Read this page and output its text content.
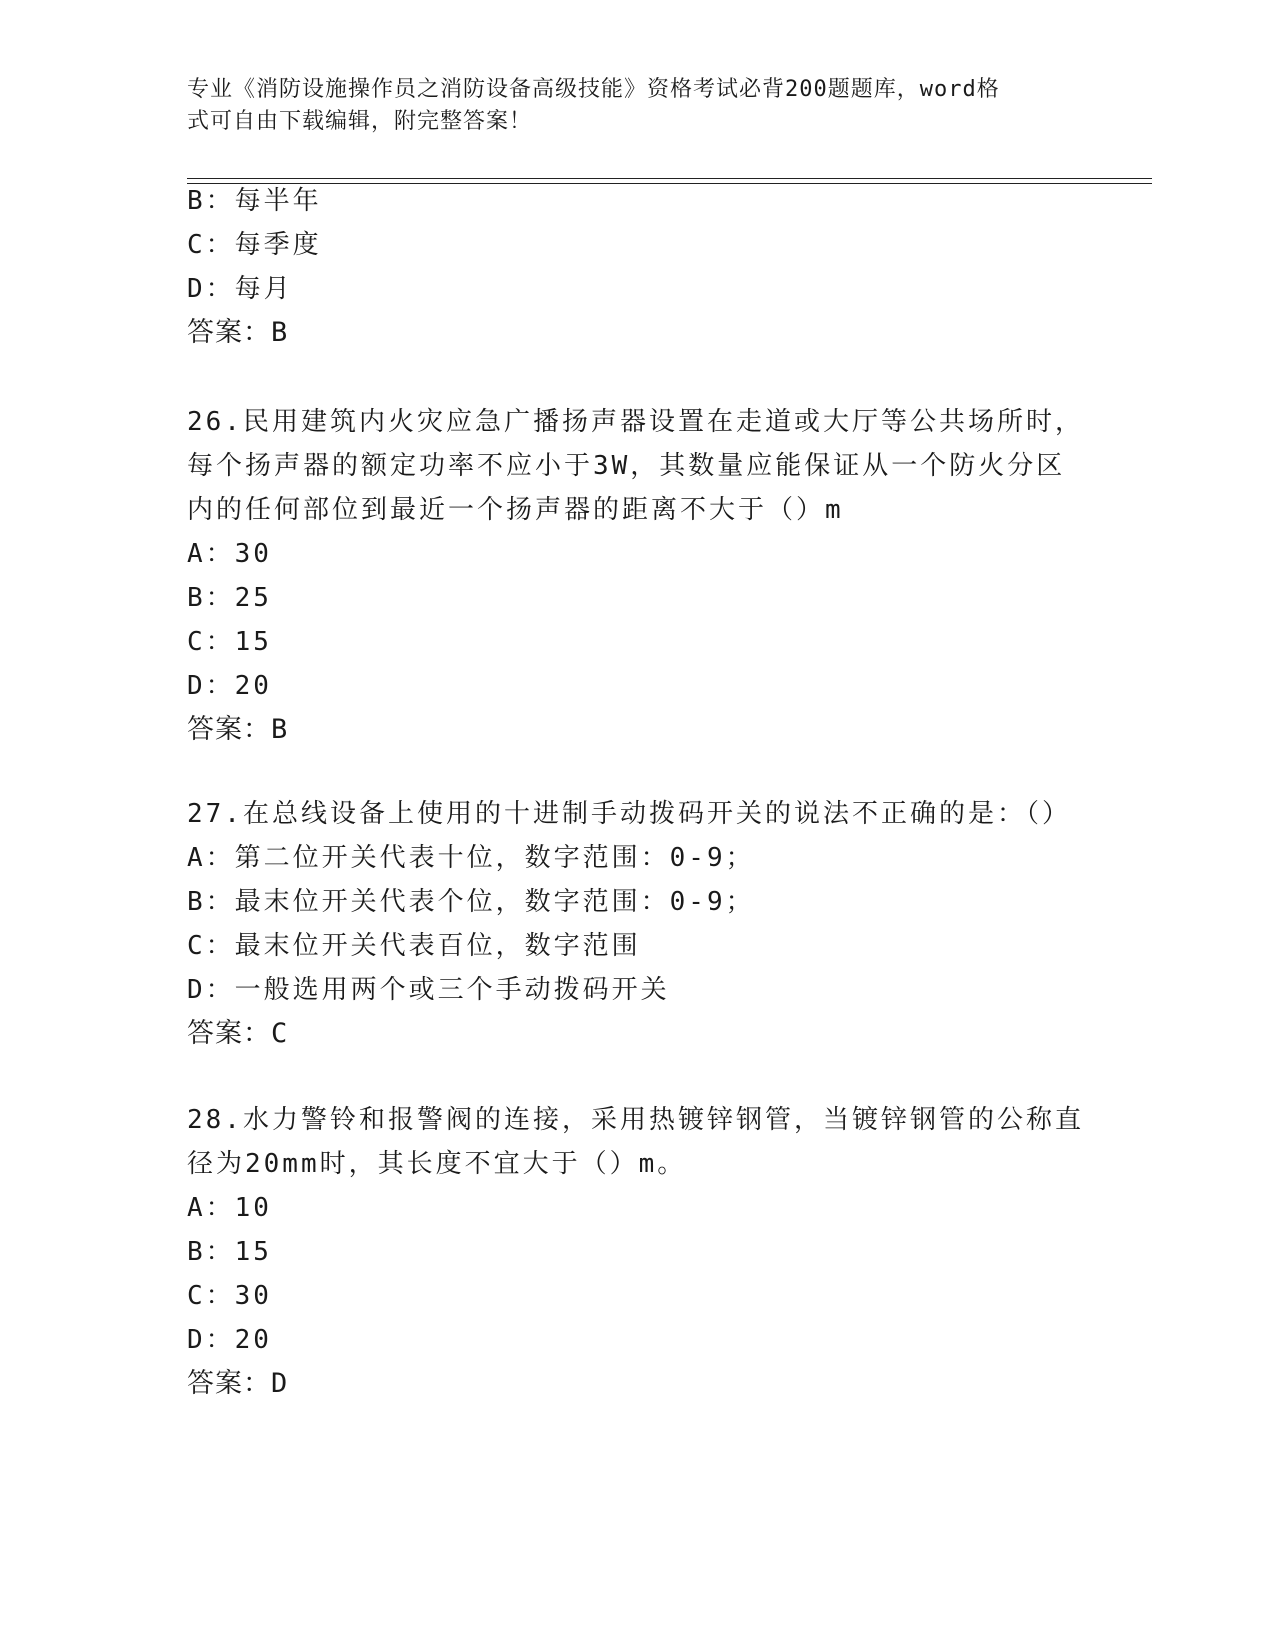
专业《消防设施操作员之消防设备高级技能》资格考试必背200题题库，word格
式可自由下载编辑，附完整答案！
B：每半年
C：每季度
D：每月
答案：B
26.民用建筑内火灾应急广播扬声器设置在走道或大厅等公共场所时，
每个扬声器的额定功率不应小于3W，其数量应能保证从一个防火分区
内的任何部位到最近一个扬声器的距离不大于（）m
A：30
B：25
C：15
D：20
答案：B
27.在总线设备上使用的十进制手动拨码开关的说法不正确的是：（）
A：第二位开关代表十位，数字范围：0-9；
B：最末位开关代表个位，数字范围：0-9；
C：最末位开关代表百位，数字范围
D：一般选用两个或三个手动拨码开关
答案：C
28.水力警铃和报警阀的连接，采用热镀锌钢管，当镀锌钢管的公称直
径为20mm时，其长度不宜大于（）m。
A：10
B：15
C：30
D：20
答案：D
